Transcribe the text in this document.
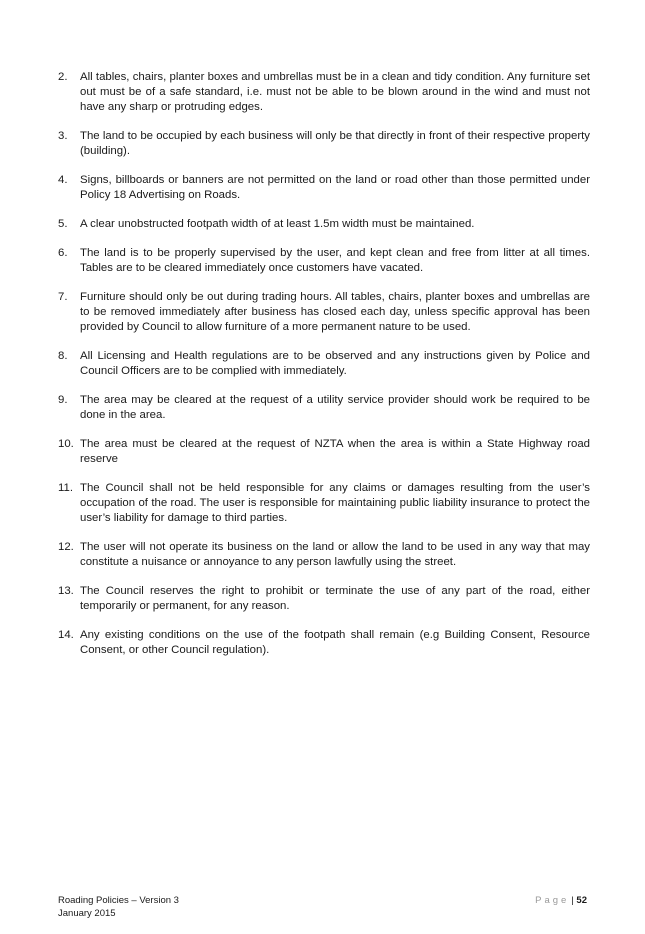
2.	All tables, chairs, planter boxes and umbrellas must be in a clean and tidy condition. Any furniture set out must be of a safe standard, i.e. must not be able to be blown around in the wind and must not have any sharp or protruding edges.
3.	The land to be occupied by each business will only be that directly in front of their respective property (building).
4.	Signs, billboards or banners are not permitted on the land or road other than those permitted under Policy 18 Advertising on Roads.
5.	A clear unobstructed footpath width of at least 1.5m width must be maintained.
6.	The land is to be properly supervised by the user, and kept clean and free from litter at all times. Tables are to be cleared immediately once customers have vacated.
7.	Furniture should only be out during trading hours. All tables, chairs, planter boxes and umbrellas are to be removed immediately after business has closed each day, unless specific approval has been provided by Council to allow furniture of a more permanent nature to be used.
8.	All Licensing and Health regulations are to be observed and any instructions given by Police and Council Officers are to be complied with immediately.
9.	The area may be cleared at the request of a utility service provider should work be required to be done in the area.
10. The area must be cleared at the request of NZTA when the area is within a State Highway road reserve
11. The Council shall not be held responsible for any claims or damages resulting from the user’s occupation of the road. The user is responsible for maintaining public liability insurance to protect the user’s liability for damage to third parties.
12. The user will not operate its business on the land or allow the land to be used in any way that may constitute a nuisance or annoyance to any person lawfully using the street.
13. The Council reserves the right to prohibit or terminate the use of any part of the road, either temporarily or permanent, for any reason.
14. Any existing conditions on the use of the footpath shall remain (e.g Building Consent, Resource Consent, or other Council regulation).
Roading Policies – Version 3
January 2015
Page | 52
